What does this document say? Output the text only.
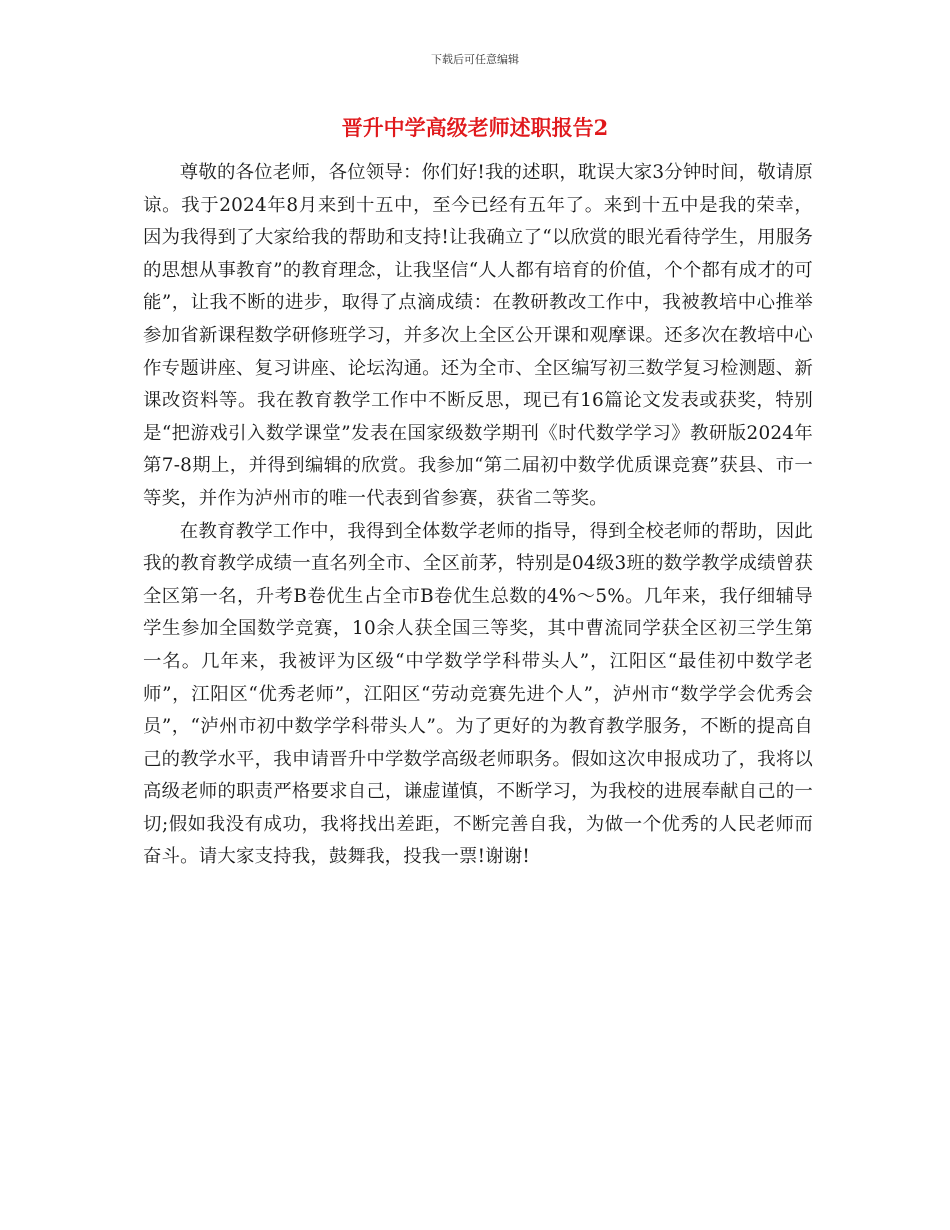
下载后可任意编辑
晋升中学高级老师述职报告2

尊敬的各位老师，各位领导：你们好!我的述职，耽误大家3分钟时间，敬请原谅。我于2024年8月来到十五中，至今已经有五年了。来到十五中是我的荣幸，因为我得到了大家给我的帮助和支持!让我确立了“以欣赏的眼光看待学生，用服务的思想从事教育”的教育理念，让我坚信“人人都有培育的价值，个个都有成才的可能”，让我不断的进步，取得了点滴成绩：在教研教改工作中，我被教培中心推举参加省新课程数学研修班学习，并多次上全区公开课和观摩课。还多次在教培中心作专题讲座、复习讲座、论坛沟通。还为全市、全区编写初三数学复习检测题、新课改资料等。我在教育教学工作中不断反思，现已有16篇论文发表或获奖，特别是“把游戏引入数学课堂”发表在国家级数学期刊《时代数学学习》教研版2024年第7-8期上，并得到编辑的欣赏。我参加“第二届初中数学优质课竞赛”获县、市一等奖，并作为泸州市的唯一代表到省参赛，获省二等奖。

在教育教学工作中，我得到全体数学老师的指导，得到全校老师的帮助，因此我的教育教学成绩一直名列全市、全区前茅，特别是04级3班的数学教学成绩曾获全区第一名，升考B卷优生占全市B卷优生总数的4%～5%。几年来，我仔细辅导学生参加全国数学竞赛，10余人获全国三等奖，其中曹流同学获全区初三学生第一名。几年来，我被评为区级“中学数学学科带头人”，江阳区“最佳初中数学老师”，江阳区“优秀老师”，江阳区“劳动竞赛先进个人”，泸州市“数学学会优秀会员”，“泸州市初中数学学科带头人”。为了更好的为教育教学服务，不断的提高自己的教学水平，我申请晋升中学数学高级老师职务。假如这次申报成功了，我将以高级老师的职责严格要求自己，谦虚谨慎，不断学习，为我校的进展奉献自己的一切;假如我没有成功，我将找出差距，不断完善自我，为做一个优秀的人民老师而奋斗。请大家支持我，鼓舞我，投我一票!谢谢!
